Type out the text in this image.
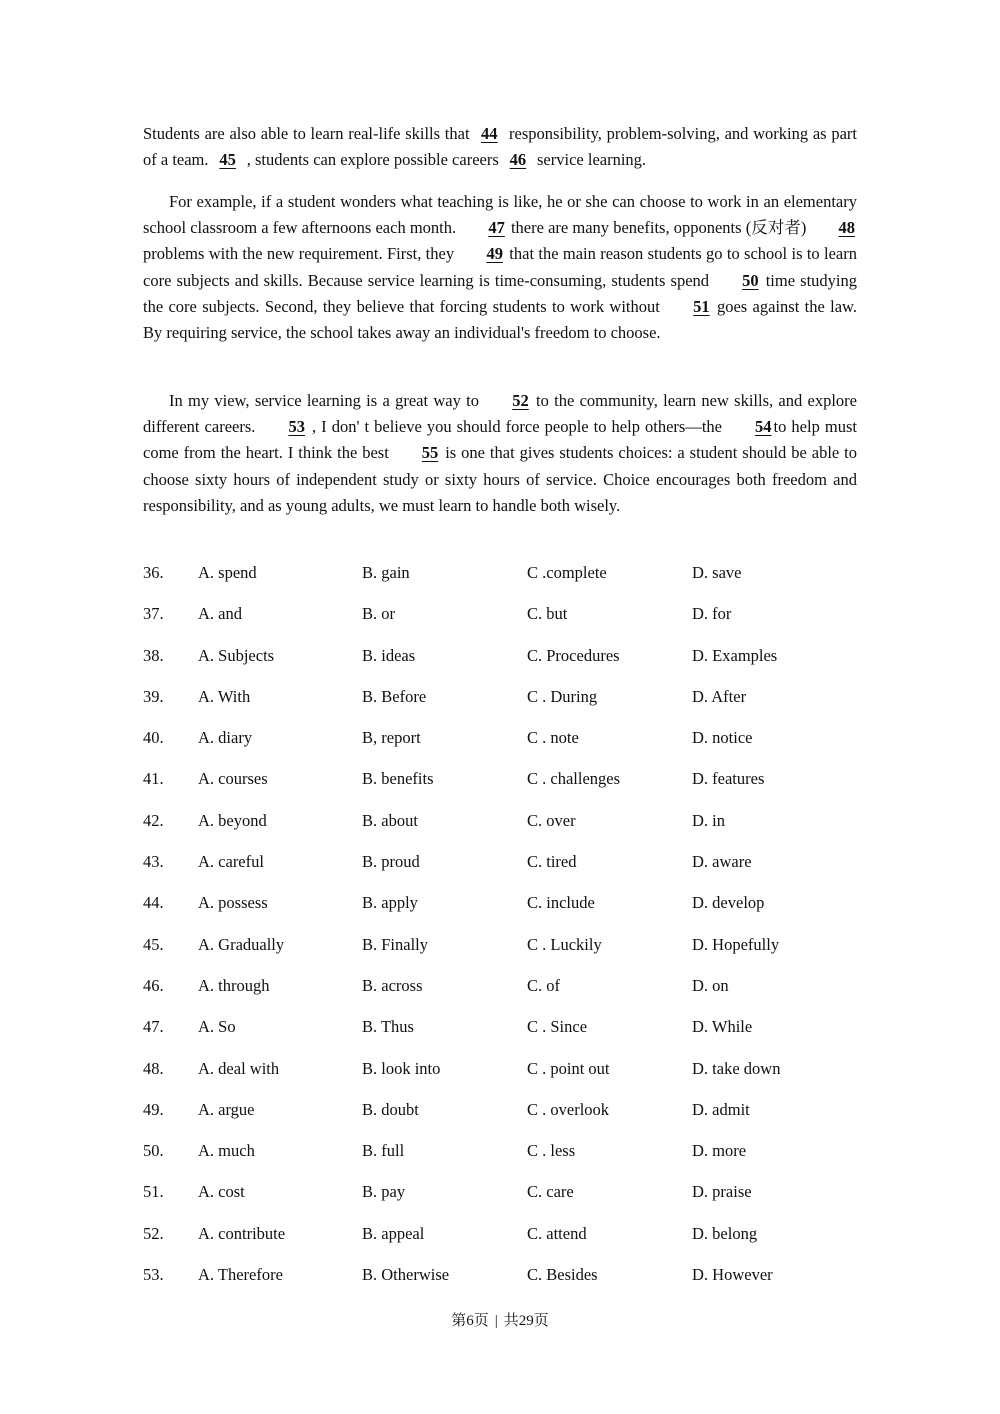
Students are also able to learn real-life skills that 44 responsibility, problem-solving, and working as part of a team. 45 , students can explore possible careers 46 service learning.

For example, if a student wonders what teaching is like, he or she can choose to work in an elementary school classroom a few afternoons each month. 47 there are many benefits, opponents (反对者) 48 problems with the new requirement. First, they 49 that the main reason students go to school is to learn core subjects and skills. Because service learning is time-consuming, students spend 50 time studying the core subjects. Second, they believe that forcing students to work without 51 goes against the law. By requiring service, the school takes away an individual's freedom to choose.

In my view, service learning is a great way to 52 to the community, learn new skills, and explore different careers. 53 , I don' t believe you should force people to help others—the 54 to help must come from the heart. I think the best 55 is one that gives students choices: a student should be able to choose sixty hours of independent study or sixty hours of service. Choice encourages both freedom and responsibility, and as young adults, we must learn to handle both wisely.

36. A. spend	B. gain	C .complete	D. save
37. A. and	B. or	C. but	D. for
38. A. Subjects	B. ideas	C. Procedures	D. Examples
39. A. With	B. Before	C . During	D. After
40. A. diary	B, report	C . note	D. notice
41. A. courses	B. benefits	C . challenges	D. features
42. A. beyond	B. about	C. over	D. in
43. A. careful	B. proud	C. tired	D. aware
44. A. possess	B. apply	C. include	D. develop
45. A. Gradually	B. Finally	C . Luckily	D. Hopefully
46. A. through	B. across	C. of	D. on
47. A. So	B. Thus	C . Since	D. While
48. A. deal with	B. look into	C . point out	D. take down
49. A. argue	B. doubt	C . overlook	D. admit
50. A. much	B. full	C . less	D. more
51. A. cost	B. pay	C. care	D. praise
52. A. contribute	B. appeal	C. attend	D. belong
53. A. Therefore	B. Otherwise	C. Besides	D. However
第6页 | 共29页
